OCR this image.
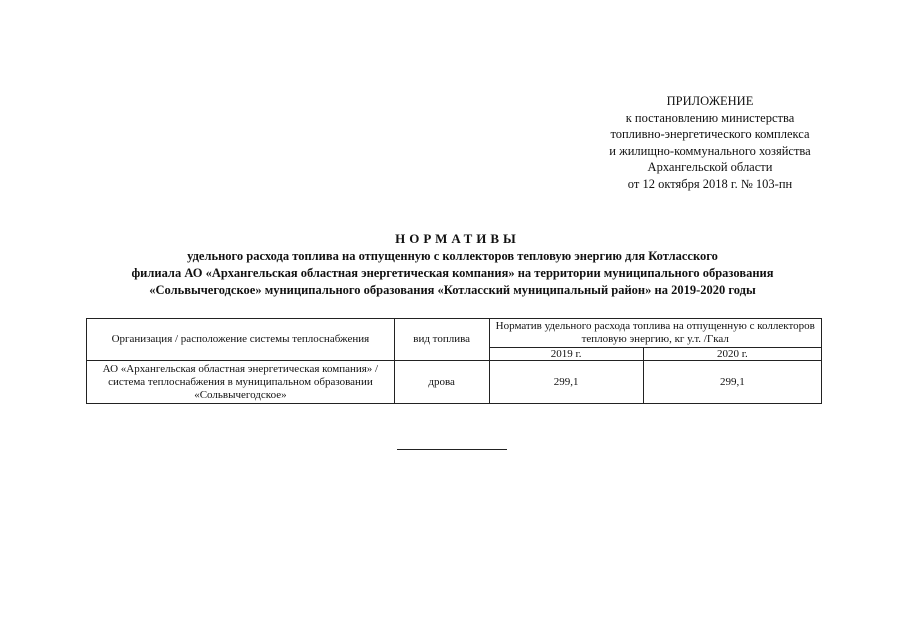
ПРИЛОЖЕНИЕ
к постановлению министерства
топливно-энергетического комплекса
и жилищно-коммунального хозяйства
Архангельской области
от 12 октября 2018 г. № 103-пн
НОРМАТИВЫ
удельного расхода топлива на отпущенную с коллекторов тепловую энергию для Котласского
филиала АО «Архангельская областная энергетическая компания» на территории муниципального образования
«Сольвычегодское» муниципального образования «Котласский муниципальный район» на 2019-2020 годы
Организация / расположение системы теплоснабжения	вид топлива	Норматив удельного расхода топлива на отпущенную с коллекторов тепловую энергию, кг у.т. /Гкал	
		2019 г.	2020 г.
АО «Архангельская областная энергетическая компания» / система теплоснабжения в муниципальном образовании «Сольвычегодское»	дрова	299,1	299,1
